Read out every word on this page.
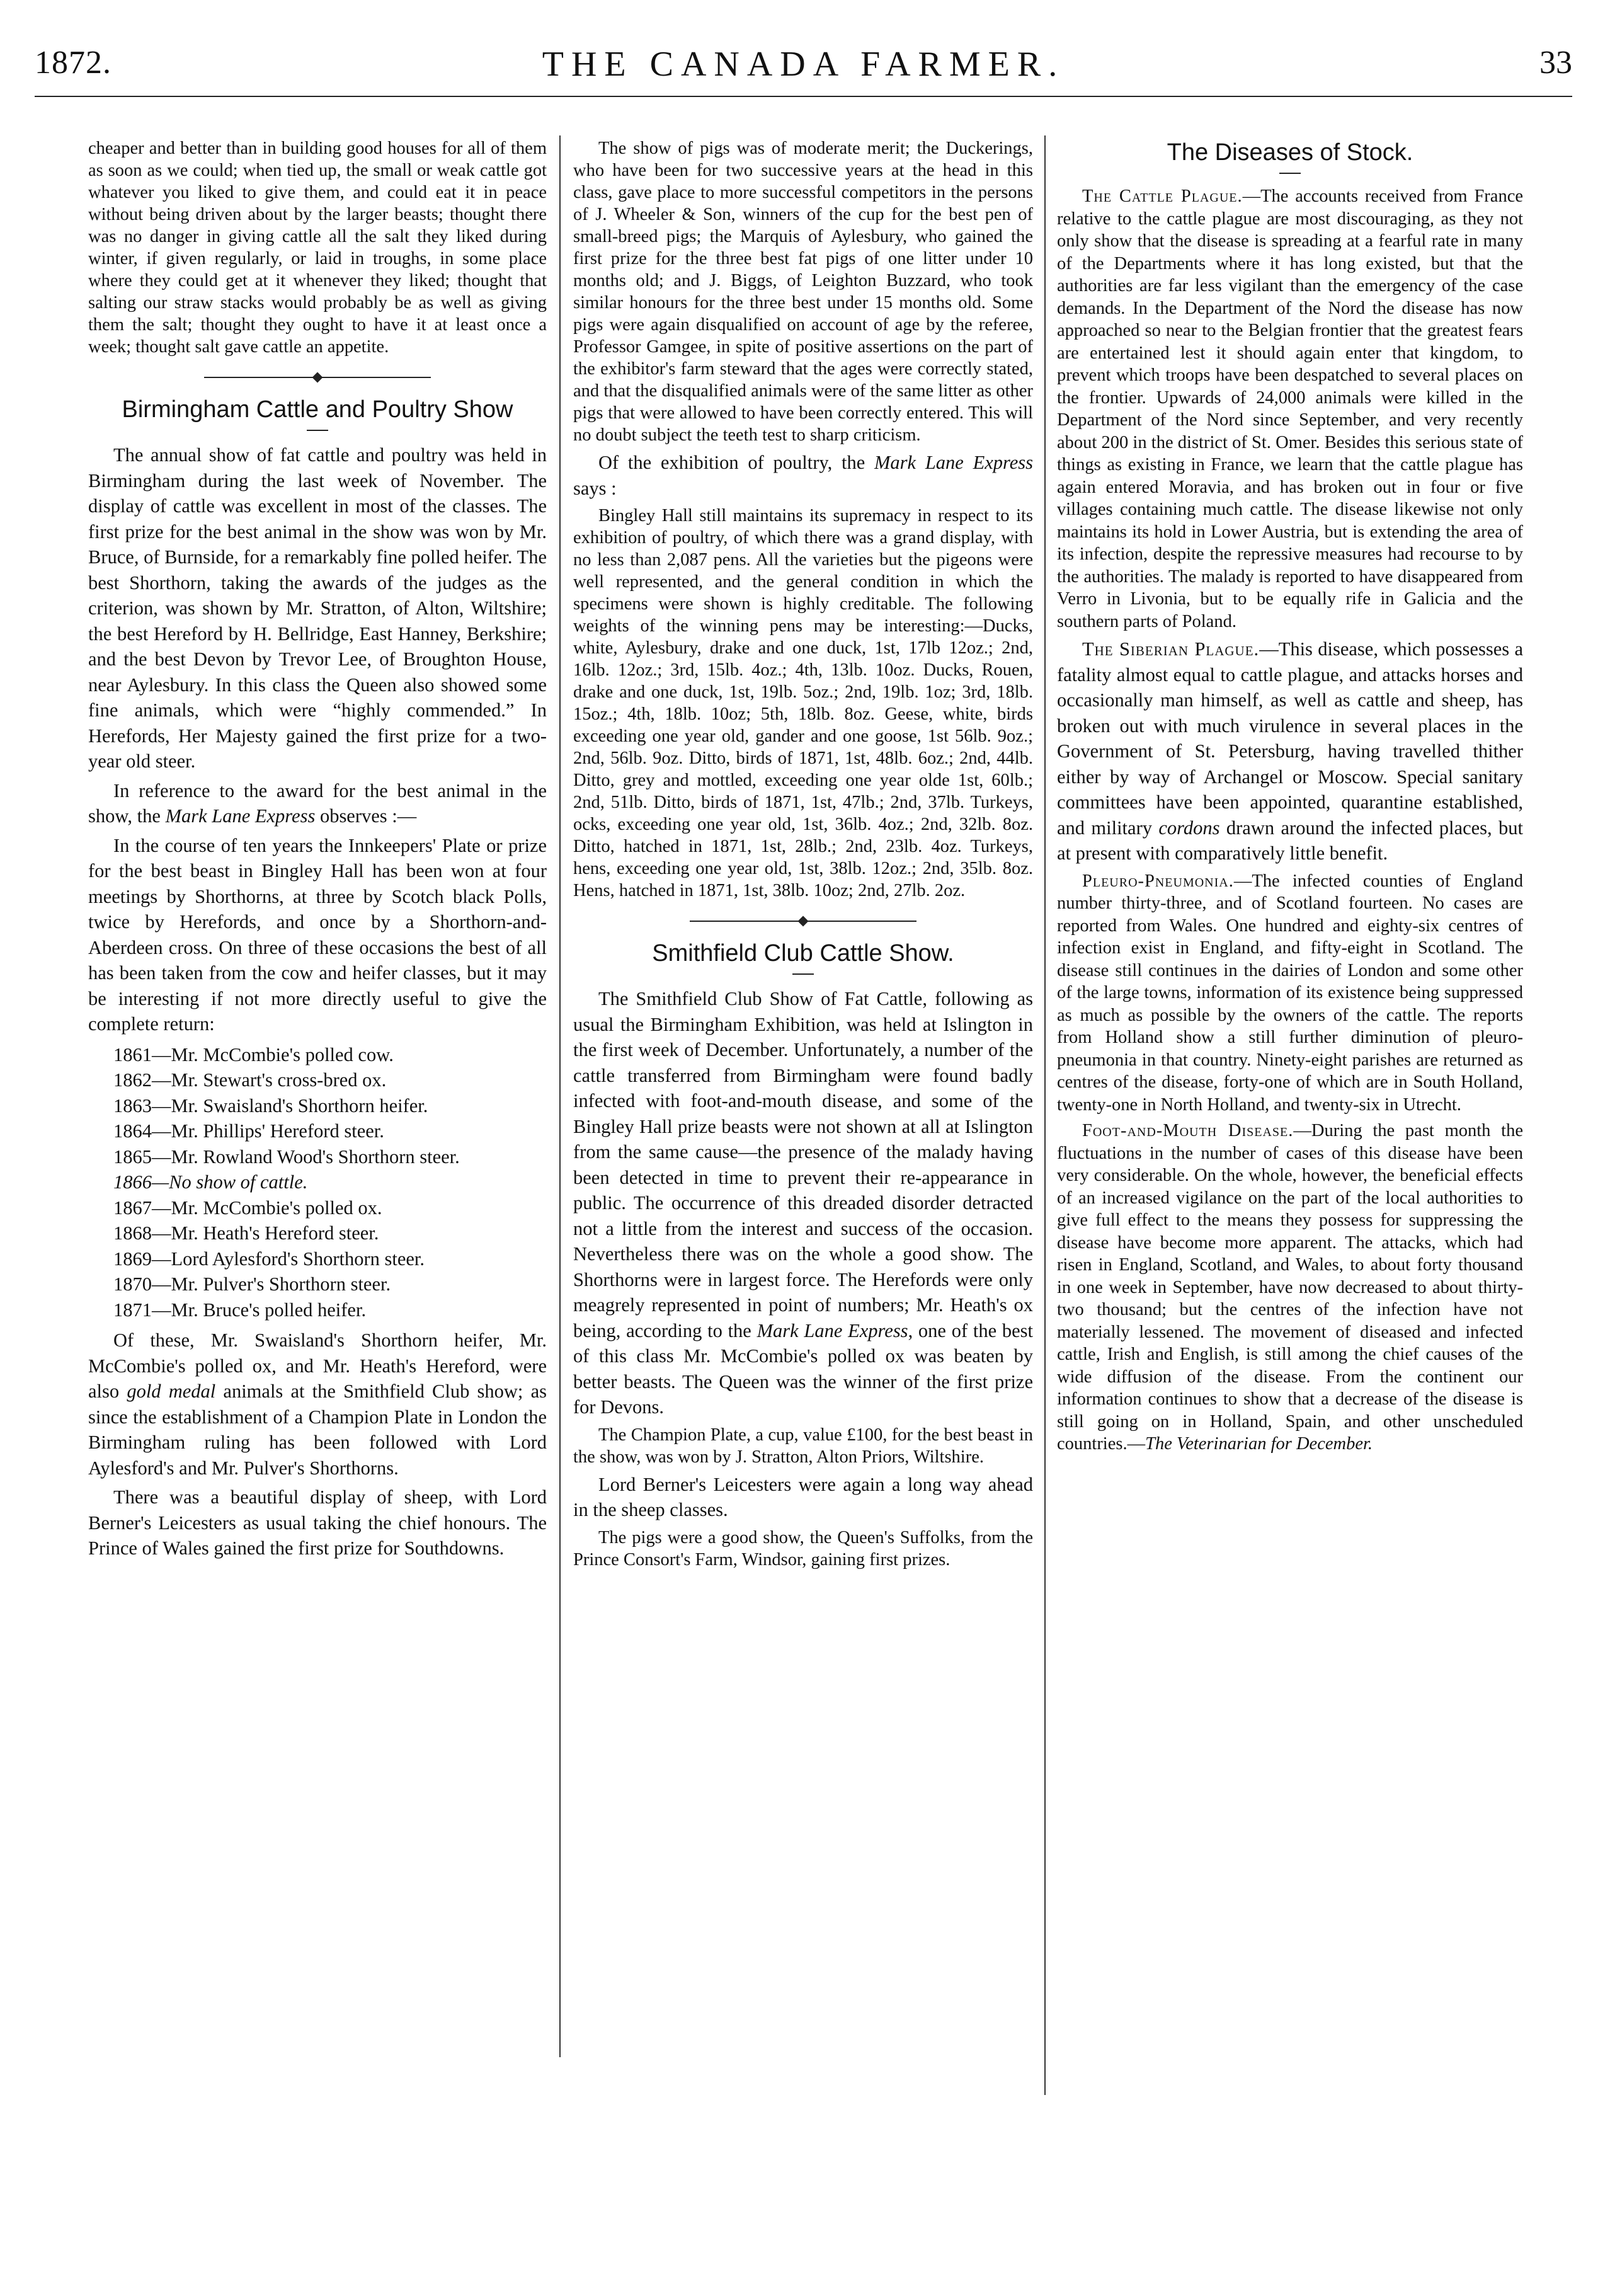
1872.	THE CANADA FARMER.	33

cheaper and better than in building good houses for all of them as soon as we could; when tied up, the small or weak cattle got whatever you liked to give them, and could eat it in peace without being driven about by the larger beasts; thought there was no danger in giving cattle all the salt they liked during winter, if given regularly, or laid in troughs, in some place where they could get at it whenever they liked; thought that salting our straw stacks would probably be as well as giving them the salt; thought they ought to have it at least once a week; thought salt gave cattle an appetite.

Birmingham Cattle and Poultry Show

The annual show of fat cattle and poultry was held in Birmingham during the last week of November. The display of cattle was excellent in most of the classes. The first prize for the best animal in the show was won by Mr. Bruce, of Burnside, for a remarkably fine polled heifer. The best Shorthorn, taking the awards of the judges as the criterion, was shown by Mr. Stratton, of Alton, Wiltshire; the best Hereford by H. Bellridge, East Hanney, Berkshire; and the best Devon by Trevor Lee, of Broughton House, near Aylesbury. In this class the Queen also showed some fine animals, which were “highly commended.” In Herefords, Her Majesty gained the first prize for a two-year old steer.

In reference to the award for the best animal in the show, the Mark Lane Express observes :—

In the course of ten years the Innkeepers' Plate or prize for the best beast in Bingley Hall has been won at four meetings by Shorthorns, at three by Scotch black Polls, twice by Herefords, and once by a Shorthorn-and-Aberdeen cross. On three of these occasions the best of all has been taken from the cow and heifer classes, but it may be interesting if not more directly useful to give the complete return:

1861—Mr. McCombie's polled cow.
1862—Mr. Stewart's cross-bred ox.
1863—Mr. Swaisland's Shorthorn heifer.
1864—Mr. Phillips' Hereford steer.
1865—Mr. Rowland Wood's Shorthorn steer.
1866—No show of cattle.
1867—Mr. McCombie's polled ox.
1868—Mr. Heath's Hereford steer.
1869—Lord Aylesford's Shorthorn steer.
1870—Mr. Pulver's Shorthorn steer.
1871—Mr. Bruce's polled heifer.

Of these, Mr. Swaisland's Shorthorn heifer, Mr. McCombie's polled ox, and Mr. Heath's Hereford, were also gold medal animals at the Smithfield Club show; as since the establishment of a Champion Plate in London the Birmingham ruling has been followed with Lord Aylesford's and Mr. Pulver's Shorthorns.

There was a beautiful display of sheep, with Lord Berner's Leicesters as usual taking the chief honours. The Prince of Wales gained the first prize for Southdowns.

The show of pigs was of moderate merit; the Duckerings, who have been for two successive years at the head in this class, gave place to more successful competitors in the persons of J. Wheeler & Son, winners of the cup for the best pen of small-breed pigs; the Marquis of Aylesbury, who gained the first prize for the three best fat pigs of one litter under 10 months old; and J. Biggs, of Leighton Buzzard, who took similar honours for the three best under 15 months old. Some pigs were again disqualified on account of age by the referee, Professor Gamgee, in spite of positive assertions on the part of the exhibitor's farm steward that the ages were correctly stated, and that the disqualified animals were of the same litter as other pigs that were allowed to have been correctly entered. This will no doubt subject the teeth test to sharp criticism.

Of the exhibition of poultry, the Mark Lane Express says :

Bingley Hall still maintains its supremacy in respect to its exhibition of poultry, of which there was a grand display, with no less than 2,087 pens. All the varieties but the pigeons were well represented, and the general condition in which the specimens were shown is highly creditable. The following weights of the winning pens may be interesting:—Ducks, white, Aylesbury, drake and one duck, 1st, 17lb 12oz.; 2nd, 16lb. 12oz.; 3rd, 15lb. 4oz.; 4th, 13lb. 10oz. Ducks, Rouen, drake and one duck, 1st, 19lb. 5oz.; 2nd, 19lb. 1oz; 3rd, 18lb. 15oz.; 4th, 18lb. 10oz; 5th, 18lb. 8oz. Geese, white, birds exceeding one year old, gander and one goose, 1st 56lb. 9oz.; 2nd, 56lb. 9oz. Ditto, birds of 1871, 1st, 48lb. 6oz.; 2nd, 44lb. Ditto, grey and mottled, exceeding one year olde 1st, 60lb.; 2nd, 51lb. Ditto, birds of 1871, 1st, 47lb.; 2nd, 37lb. Turkeys, ocks, exceeding one year old, 1st, 36lb. 4oz.; 2nd, 32lb. 8oz. Ditto, hatched in 1871, 1st, 28lb.; 2nd, 23lb. 4oz. Turkeys, hens, exceeding one year old, 1st, 38lb. 12oz.; 2nd, 35lb. 8oz. Hens, hatched in 1871, 1st, 38lb. 10oz; 2nd, 27lb. 2oz.

Smithfield Club Cattle Show.

The Smithfield Club Show of Fat Cattle, following as usual the Birmingham Exhibition, was held at Islington in the first week of December. Unfortunately, a number of the cattle transferred from Birmingham were found badly infected with foot-and-mouth disease, and some of the Bingley Hall prize beasts were not shown at all at Islington from the same cause—the presence of the malady having been detected in time to prevent their re-appearance in public. The occurrence of this dreaded disorder detracted not a little from the interest and success of the occasion. Nevertheless there was on the whole a good show. The Shorthorns were in largest force. The Herefords were only meagrely represented in point of numbers; Mr. Heath's ox being, according to the Mark Lane Express, one of the best of this class Mr. McCombie's polled ox was beaten by better beasts. The Queen was the winner of the first prize for Devons.

The Champion Plate, a cup, value £100, for the best beast in the show, was won by J. Stratton, Alton Priors, Wiltshire.

Lord Berner's Leicesters were again a long way ahead in the sheep classes.

The pigs were a good show, the Queen's Suffolks, from the Prince Consort's Farm, Windsor, gaining first prizes.

The Diseases of Stock.

The Cattle Plague.—The accounts received from France relative to the cattle plague are most discouraging, as they not only show that the disease is spreading at a fearful rate in many of the Departments where it has long existed, but that the authorities are far less vigilant than the emergency of the case demands. In the Department of the Nord the disease has now approached so near to the Belgian frontier that the greatest fears are entertained lest it should again enter that kingdom, to prevent which troops have been despatched to several places on the frontier. Upwards of 24,000 animals were killed in the Department of the Nord since September, and very recently about 200 in the district of St. Omer. Besides this serious state of things as existing in France, we learn that the cattle plague has again entered Moravia, and has broken out in four or five villages containing much cattle. The disease likewise not only maintains its hold in Lower Austria, but is extending the area of its infection, despite the repressive measures had recourse to by the authorities. The malady is reported to have disappeared from Verro in Livonia, but to be equally rife in Galicia and the southern parts of Poland.

The Siberian Plague.—This disease, which possesses a fatality almost equal to cattle plague, and attacks horses and occasionally man himself, as well as cattle and sheep, has broken out with much virulence in several places in the Government of St. Petersburg, having travelled thither either by way of Archangel or Moscow. Special sanitary committees have been appointed, quarantine established, and military cordons drawn around the infected places, but at present with comparatively little benefit.

Pleuro-Pneumonia.—The infected counties of England number thirty-three, and of Scotland fourteen. No cases are reported from Wales. One hundred and eighty-six centres of infection exist in England, and fifty-eight in Scotland. The disease still continues in the dairies of London and some other of the large towns, information of its existence being suppressed as much as possible by the owners of the cattle. The reports from Holland show a still further diminution of pleuro-pneumonia in that country. Ninety-eight parishes are returned as centres of the disease, forty-one of which are in South Holland, twenty-one in North Holland, and twenty-six in Utrecht.

Foot-and-Mouth Disease.—During the past month the fluctuations in the number of cases of this disease have been very considerable. On the whole, however, the beneficial effects of an increased vigilance on the part of the local authorities to give full effect to the means they possess for suppressing the disease have become more apparent. The attacks, which had risen in England, Scotland, and Wales, to about forty thousand in one week in September, have now decreased to about thirty-two thousand; but the centres of the infection have not materially lessened. The movement of diseased and infected cattle, Irish and English, is still among the chief causes of the wide diffusion of the disease. From the continent our information continues to show that a decrease of the disease is still going on in Holland, Spain, and other unscheduled countries.—The Veterinarian for December.
